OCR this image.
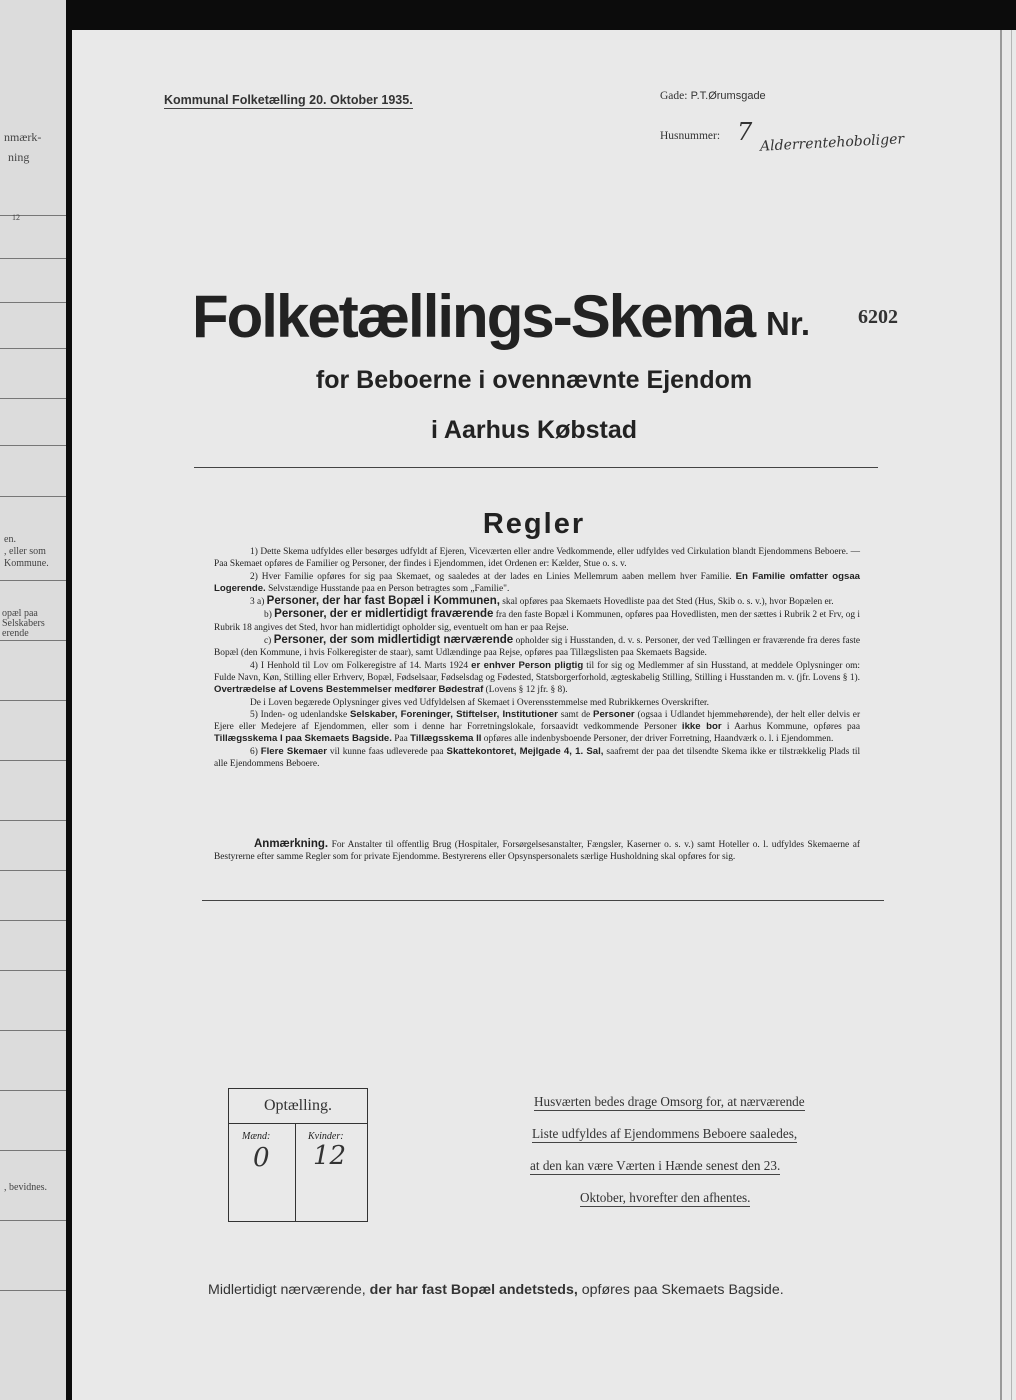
nmærk-
ning
12
en.
, eller som
Kommune.
opæl paa
Selskabers
erende
, bevidnes.
Kommunal Folketælling 20. Oktober 1935.	Gade: P.T.Ørumsgade
Husnummer: 7 Alderrentehoboliger
Folketællings-Skema Nr. 6202
for Beboerne i ovennævnte Ejendom
i Aarhus Købstad
Regler
1) Dette Skema udfyldes eller besørges udfyldt af Ejeren, Viceværten eller andre Vedkommende, eller udfyldes ved Cirkulation blandt Ejendommens Beboere. — Paa Skemaet opføres de Familier og Personer, der findes i Ejendommen, idet Ordenen er: Kælder, Stue o. s. v.
2) Hver Familie opføres for sig paa Skemaet, og saaledes at der lades en Linies Mellemrum aaben mellem hver Familie. En Familie omfatter ogsaa Logerende. Selvstændige Husstande paa en Person betragtes som „Familie".
3 a) Personer, der har fast Bopæl i Kommunen, skal opføres paa Skemaets Hovedliste paa det Sted (Hus, Skib o. s. v.), hvor Bopælen er.
b) Personer, der er midlertidigt fraværende fra den faste Bopæl i Kommunen, opføres paa Hovedlisten, men der sættes i Rubrik 2 et Frv, og i Rubrik 18 angives det Sted, hvor han midlertidigt opholder sig, eventuelt om han er paa Rejse.
c) Personer, der som midlertidigt nærværende opholder sig i Husstanden, d. v. s. Personer, der ved Tællingen er fraværende fra deres faste Bopæl (den Kommune, i hvis Folkeregister de staar), samt Udlændinge paa Rejse, opføres paa Tillægslisten paa Skemaets Bagside.
4) I Henhold til Lov om Folkeregistre af 14. Marts 1924 er enhver Person pligtig til for sig og Medlemmer af sin Husstand, at meddele Oplysninger om: Fulde Navn, Køn, Stilling eller Erhverv, Bopæl, Fødselsaar, Fødselsdag og Fødested, Statsborgerforhold, ægteskabelig Stilling, Stilling i Husstanden m. v. (jfr. Lovens § 1). Overtrædelse af Lovens Bestemmelser medfører Bødestraf (Lovens § 12 jfr. § 8).
De i Loven begærede Oplysninger gives ved Udfyldelsen af Skemaet i Overensstemmelse med Rubrikkernes Overskrifter.
5) Inden- og udenlandske Selskaber, Foreninger, Stiftelser, Institutioner samt de Personer (ogsaa i Udlandet hjemmehørende), der helt eller delvis er Ejere eller Medejere af Ejendommen, eller som i denne har Forretningslokale, forsaavidt vedkommende Personer ikke bor i Aarhus Kommune, opføres paa Tillægsskema I paa Skemaets Bagside. Paa Tillægsskema II opføres alle indenbysboende Personer, der driver Forretning, Haandværk o. l. i Ejendommen.
6) Flere Skemaer vil kunne faas udleverede paa Skattekontoret, Mejlgade 4, 1. Sal, saafremt der paa det tilsendte Skema ikke er tilstrækkelig Plads til alle Ejendommens Beboere.
Anmærkning. For Anstalter til offentlig Brug (Hospitaler, Forsørgelsesanstalter, Fængsler, Kaserner o. s. v.) samt Hoteller o. l. udfyldes Skemaerne af Bestyrerne efter samme Regler som for private Ejendomme. Bestyrerens eller Opsynspersonalets særlige Husholdning skal opføres for sig.
Optælling.
Mænd:	Kvinder:
0 12
Husværten bedes drage Omsorg for, at nærværende
Liste udfyldes af Ejendommens Beboere saaledes,
at den kan være Værten i Hænde senest den 23.
Oktober, hvorefter den afhentes.
Midlertidigt nærværende, der har fast Bopæl andetsteds, opføres paa Skemaets Bagside.
